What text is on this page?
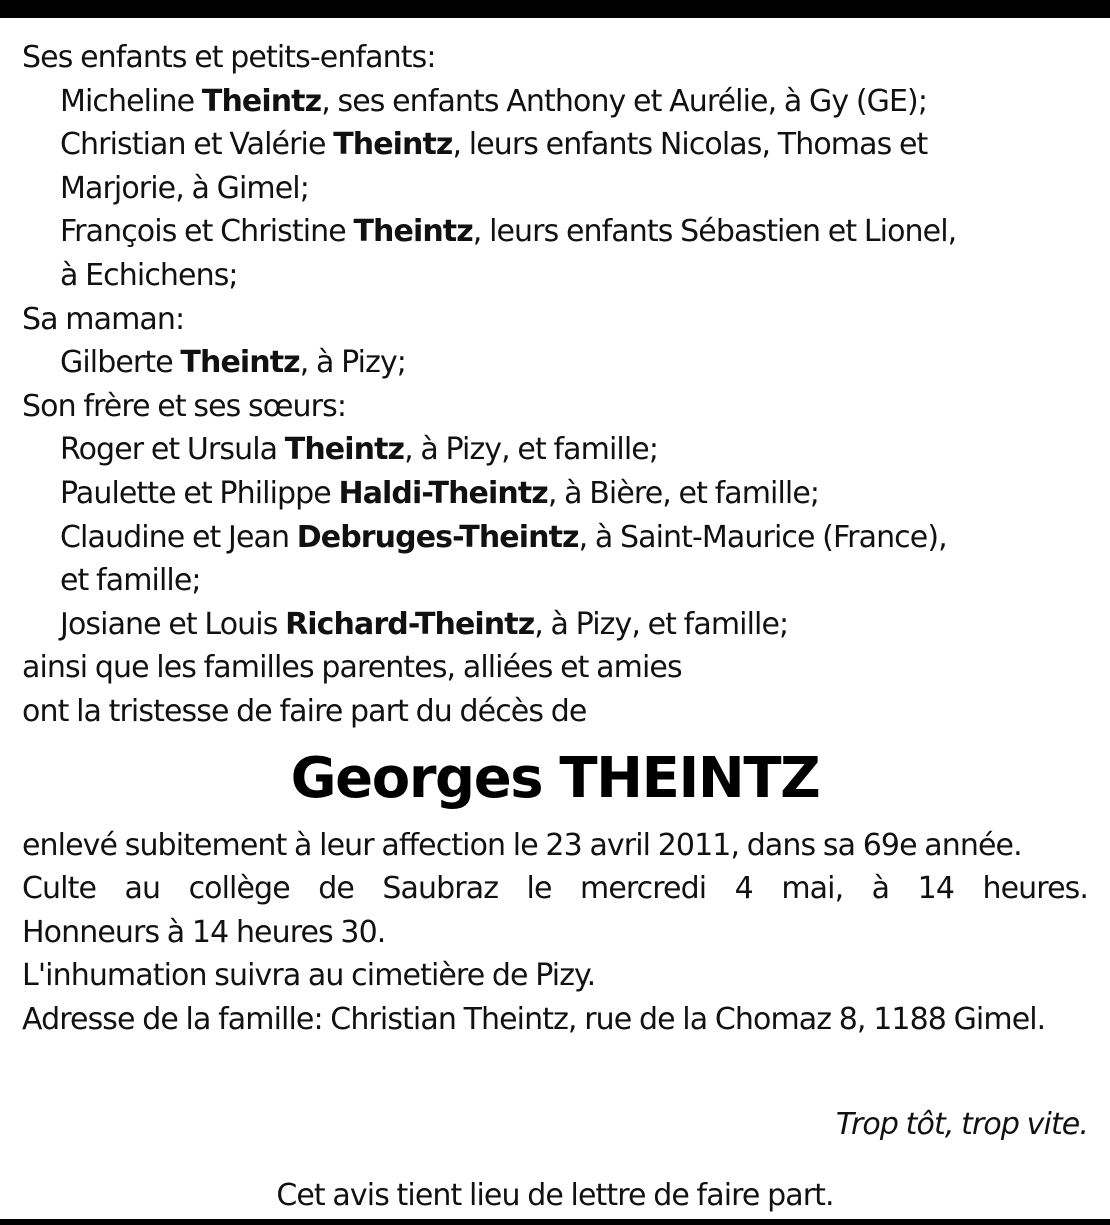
Ses enfants et petits-enfants:
Micheline Theintz, ses enfants Anthony et Aurélie, à Gy (GE);
Christian et Valérie Theintz, leurs enfants Nicolas, Thomas et
Marjorie, à Gimel;
François et Christine Theintz, leurs enfants Sébastien et Lionel,
à Echichens;
Sa maman:
Gilberte Theintz, à Pizy;
Son frère et ses sœurs:
Roger et Ursula Theintz, à Pizy, et famille;
Paulette et Philippe Haldi-Theintz, à Bière, et famille;
Claudine et Jean Debruges-Theintz, à Saint-Maurice (France),
et famille;
Josiane et Louis Richard-Theintz, à Pizy, et famille;
ainsi que les familles parentes, alliées et amies
ont la tristesse de faire part du décès de
Georges THEINTZ
enlevé subitement à leur affection le 23 avril 2011, dans sa 69e année.
Culte au collège de Saubraz le mercredi 4 mai, à 14 heures.
Honneurs à 14 heures 30.
L'inhumation suivra au cimetière de Pizy.
Adresse de la famille: Christian Theintz, rue de la Chomaz 8, 1188 Gimel.
Trop tôt, trop vite.
Cet avis tient lieu de lettre de faire part.
